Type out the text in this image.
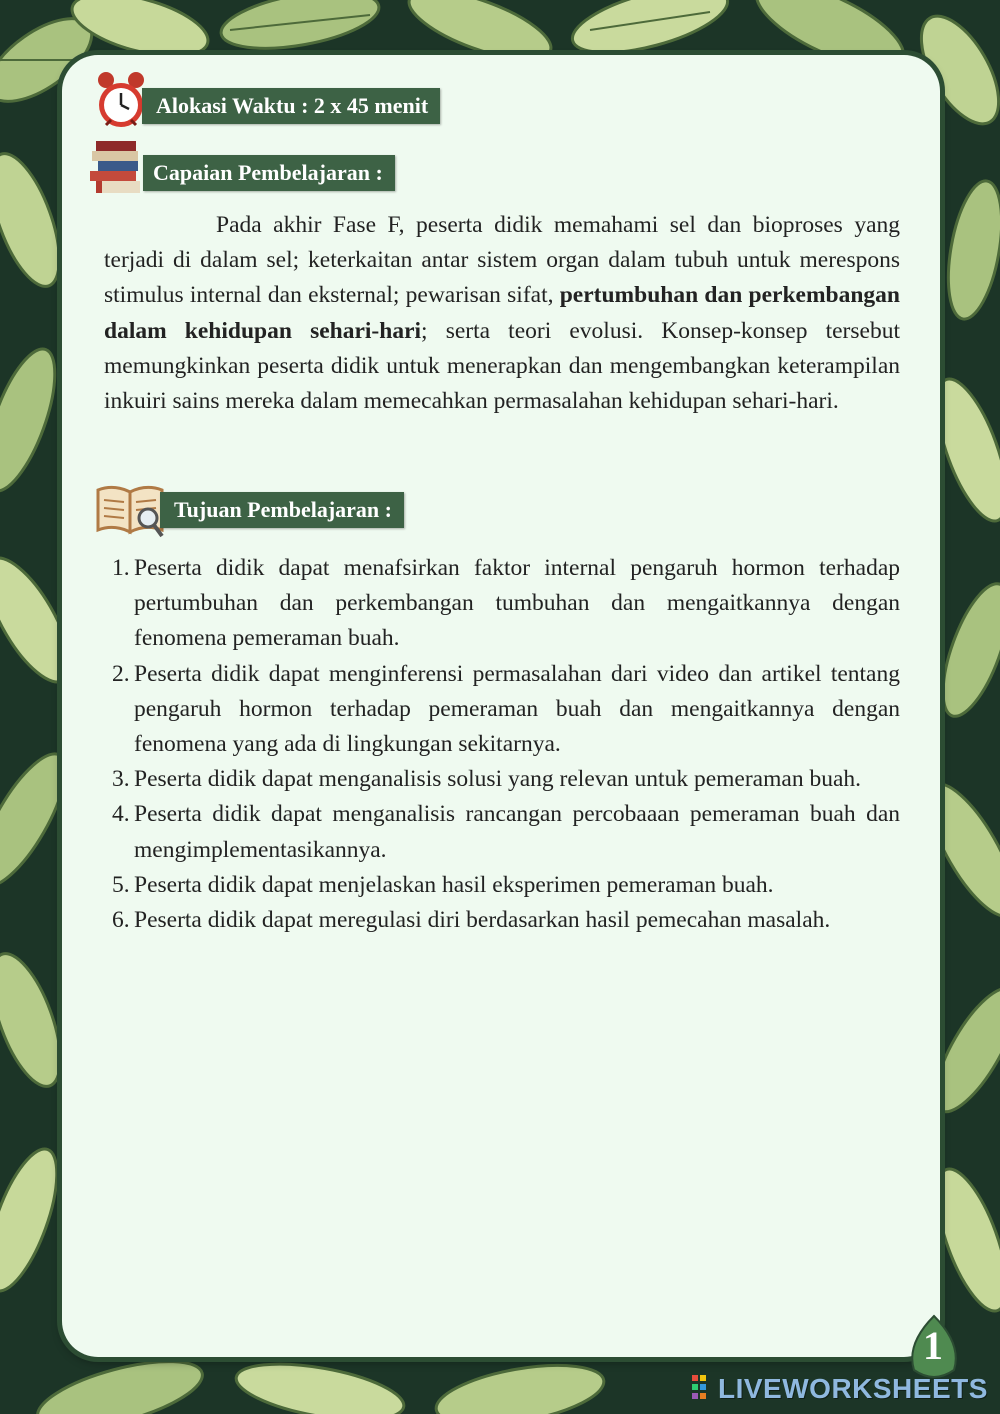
Alokasi Waktu : 2 x 45 menit
Capaian Pembelajaran :

Pada akhir Fase F, peserta didik memahami sel dan bioproses yang terjadi di dalam sel; keterkaitan antar sistem organ dalam tubuh untuk merespons stimulus internal dan eksternal; pewarisan sifat, pertumbuhan dan perkembangan dalam kehidupan sehari-hari; serta teori evolusi. Konsep-konsep tersebut memungkinkan peserta didik untuk menerapkan dan mengembangkan keterampilan inkuiri sains mereka dalam memecahkan permasalahan kehidupan sehari-hari.

Tujuan Pembelajaran :
1. Peserta didik dapat menafsirkan faktor internal pengaruh hormon terhadap pertumbuhan dan perkembangan tumbuhan dan mengaitkannya dengan fenomena pemeraman buah.
2. Peserta didik dapat menginferensi permasalahan dari video dan artikel tentang pengaruh hormon terhadap pemeraman buah dan mengaitkannya dengan fenomena yang ada di lingkungan sekitarnya.
3. Peserta didik dapat menganalisis solusi yang relevan untuk pemeraman buah.
4. Peserta didik dapat menganalisis rancangan percobaaan pemeraman buah dan mengimplementasikannya.
5. Peserta didik dapat menjelaskan hasil eksperimen pemeraman buah.
6. Peserta didik dapat meregulasi diri berdasarkan hasil pemecahan masalah.
1
LIVEWORKSHEETS
